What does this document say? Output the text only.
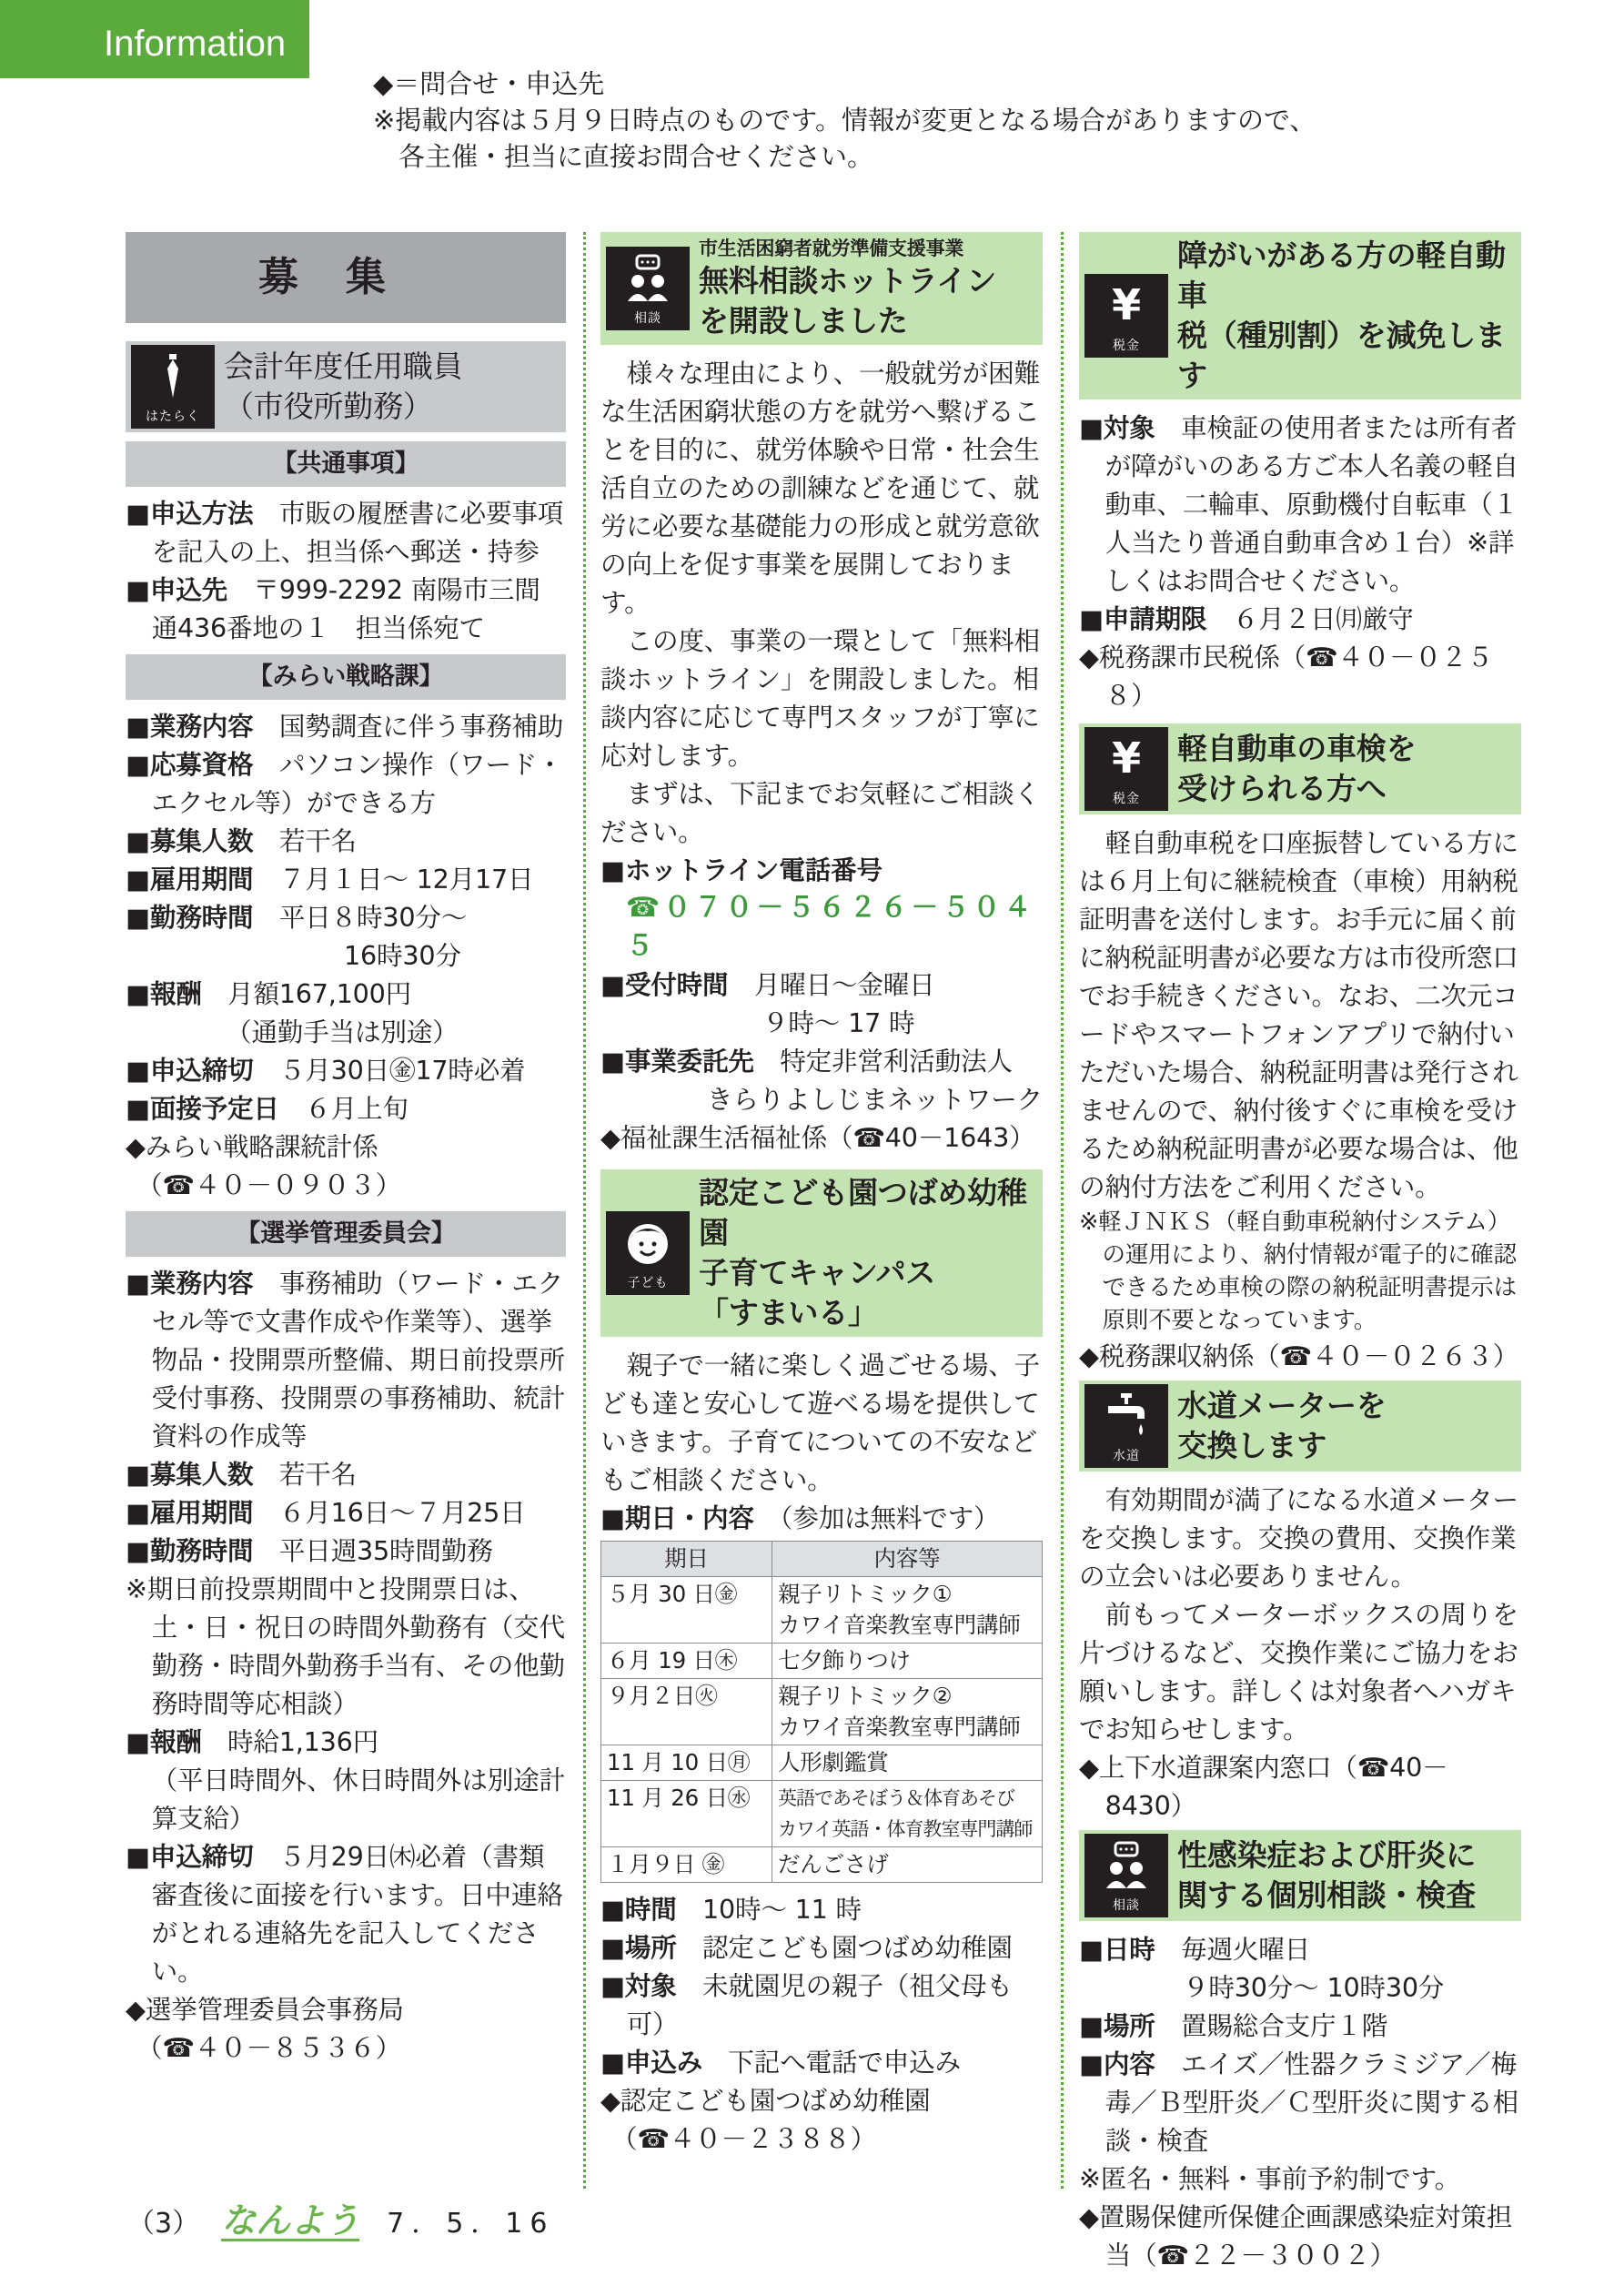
Information

◆＝問合せ・申込先

※掲載内容は５月９日時点のものです。情報が変更となる場合がありますので、

各主催・担当に直接お問合せください。

募集
はたらく
会計年度任用職員
（市役所勤務）
【共通事項】

■申込方法　 市販の履歴書に必要事項を記入の上、担当係へ郵送・持参

■申込先　 〒999-2292 南陽市三間通436番地の１　担当係宛て

【みらい戦略課】

■業務内容　 国勢調査に伴う事務補助

■応募資格　 パソコン操作（ワード・エクセル等）ができる方

■募集人数　 若干名

■雇用期間　 ７月１日～ 12月17日

■勤務時間　 平日８時30分～

16時30分

■報酬　 月額167,100円

（通勤手当は別途）

■申込締切　 ５月30日㊎17時必着

■面接予定日　 ６月上旬

◆みらい戦略課統計係

（☎４０－０９０３）

【選挙管理委員会】

■業務内容　 事務補助（ワード・エクセル等で文書作成や作業等）、選挙物品・投開票所整備、期日前投票所受付事務、投開票の事務補助、統計資料の作成等

■募集人数　 若干名

■雇用期間　 ６月16日～７月25日

■勤務時間　 平日週35時間勤務

※期日前投票期間中と投開票日は、土・日・祝日の時間外勤務有（交代勤務・時間外勤務手当有、その他勤務時間等応相談）

■報酬　 時給1,136円

（平日時間外、休日時間外は別途計算支給）

■申込締切　 ５月29日㈭必着（書類審査後に面接を行います。日中連絡がとれる連絡先を記入してください。

◆選挙管理委員会事務局

（☎４０－８５３６）

相談
市生活困窮者就労準備支援事業
無料相談ホットライン
を開設しました

様々な理由により、一般就労が困難な生活困窮状態の方を就労へ繋げることを目的に、就労体験や日常・社会生活自立のための訓練などを通じて、就労に必要な基礎能力の形成と就労意欲の向上を促す事業を展開しております。

この度、事業の一環として「無料相談ホットライン」を開設しました。相談内容に応じて専門スタッフが丁寧に応対します。

まずは、下記までお気軽にご相談ください。

■ホットライン電話番号

☎０７０－５６２６－５０４５

■受付時間　 月曜日～金曜日

９時～ 17 時

■事業委託先　 特定非営利活動法人

きらりよしじまネットワーク

◆福祉課生活福祉係（☎40－1643）

子ども
認定こども園つばめ幼稚園
子育てキャンパス
「すまいる」

親子で一緒に楽しく過ごせる場、子ども達と安心して遊べる場を提供していきます。子育てについての不安などもご相談ください。

■期日・内容　 （参加は無料です）

期日	内容等
５月 30 日㊎	親子リトミック①
カワイ音楽教室専門講師

６月 19 日㊍	七夕飾りつけ

９月２日㊋	親子リトミック②
カワイ音楽教室専門講師

11 月 10 日㊊	人形劇鑑賞

11 月 26 日㊌	英語であそぼう＆体育あそび
カワイ英語・体育教室専門講師

１月９日 ㊎	だんごさげ

■時間　 10時～ 11 時

■場所　 認定こども園つばめ幼稚園

■対象　 未就園児の親子（祖父母も可）

■申込み　 下記へ電話で申込み

◆認定こども園つばめ幼稚園

（☎４０－２３８８）

¥
税金
障がいがある方の軽自動車
税（種別割）を減免します

■対象　 車検証の使用者または所有者が障がいのある方ご本人名義の軽自動車、二輪車、原動機付自転車（１人当たり普通自動車含め１台）※詳しくはお問合せください。

■申請期限　 ６月２日㈪厳守

◆税務課市民税係（☎４０－０２５８）

¥
税金
軽自動車の車検を
受けられる方へ

軽自動車税を口座振替している方には６月上旬に継続検査（車検）用納税証明書を送付します。お手元に届く前に納税証明書が必要な方は市役所窓口でお手続きください。なお、二次元コードやスマートフォンアプリで納付いただいた場合、納税証明書は発行されませんので、納付後すぐに車検を受けるため納税証明書が必要な場合は、他の納付方法をご利用ください。

※軽ＪＮＫＳ（軽自動車税納付システム）の運用により、納付情報が電子的に確認できるため車検の際の納税証明書提示は原則不要となっています。

◆税務課収納係（☎４０－０２６３）

水道
水道メーターを
交換します

有効期間が満了になる水道メーターを交換します。交換の費用、交換作業の立会いは必要ありません。

前もってメーターボックスの周りを片づけるなど、交換作業にご協力をお願いします。詳しくは対象者へハガキでお知らせします。

◆上下水道課案内窓口（☎40－8430）

相談
性感染症および肝炎に
関する個別相談・検査

■日時　 毎週火曜日

９時30分～ 10時30分

■場所　 置賜総合支庁１階

■内容　 エイズ／性器クラミジア／梅毒／Ｂ型肝炎／Ｃ型肝炎に関する相談・検査

※匿名・無料・事前予約制です。

◆置賜保健所保健企画課感染症対策担当（☎２２－３００２）

（3） なんよう 7．5．16
